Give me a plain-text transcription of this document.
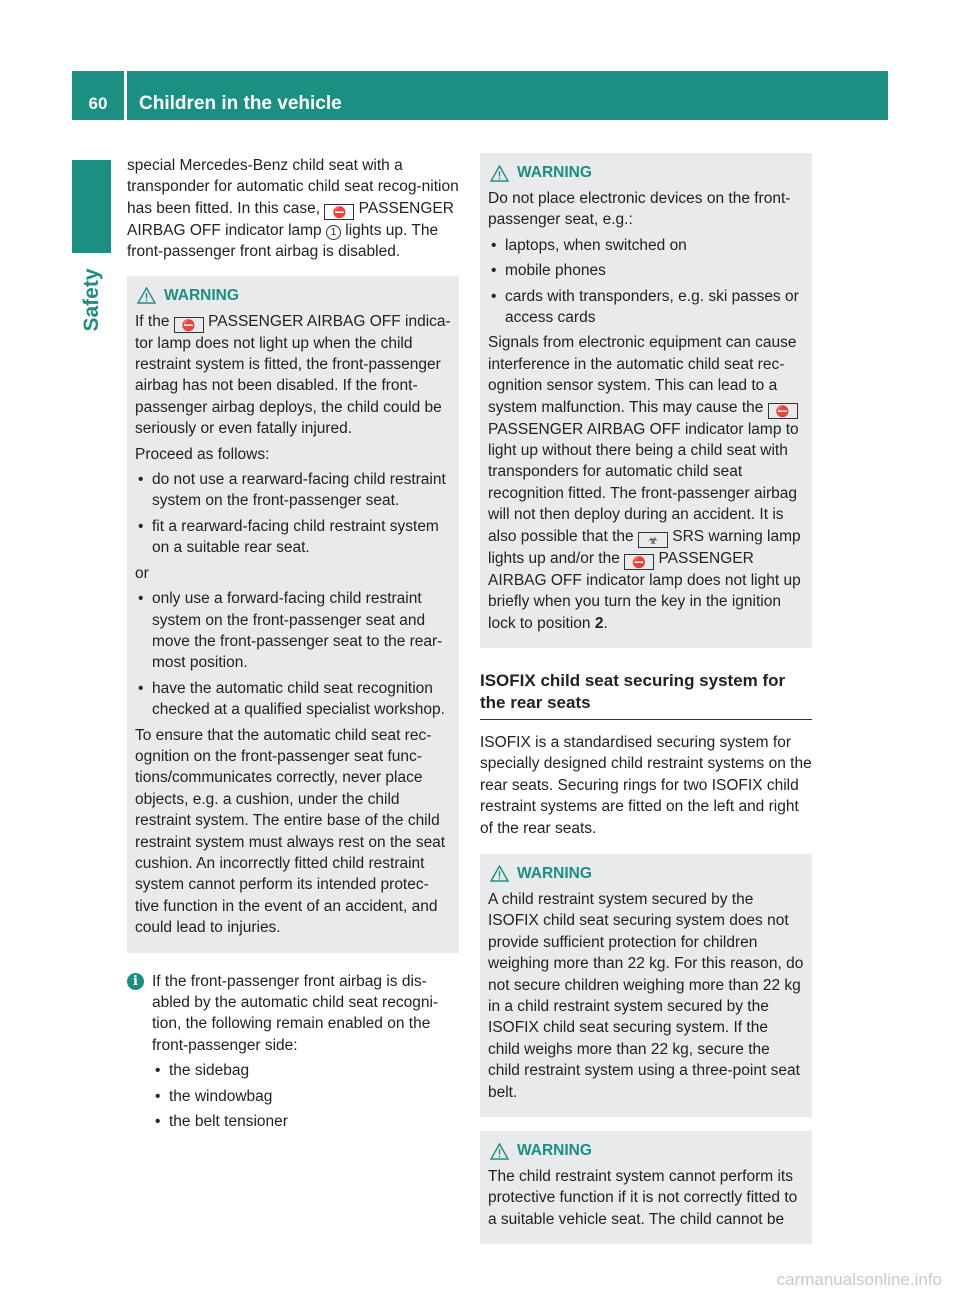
60	Children in the vehicle
Safety

special Mercedes-Benz child seat with a transponder for automatic child seat recog-nition has been fitted. In this case, ⛔ PASSENGER AIRBAG OFF indicator lamp 1 lights up. The front-passenger front airbag is disabled.

WARNING

If the ⛔ PASSENGER AIRBAG OFF indica-tor lamp does not light up when the child restraint system is fitted, the front-passenger airbag has not been disabled. If the front-passenger airbag deploys, the child could be seriously or even fatally injured.

Proceed as follows:

• do not use a rearward-facing child restraint system on the front-passenger seat.
• fit a rearward-facing child restraint system on a suitable rear seat.

or

• only use a forward-facing child restraint system on the front-passenger seat and move the front-passenger seat to the rear-most position.
• have the automatic child seat recognition checked at a qualified specialist workshop.

To ensure that the automatic child seat rec-ognition on the front-passenger seat func-tions/communicates correctly, never place objects, e.g. a cushion, under the child restraint system. The entire base of the child restraint system must always rest on the seat cushion. An incorrectly fitted child restraint system cannot perform its intended protec-tive function in the event of an accident, and could lead to injuries.

i If the front-passenger front airbag is dis-abled by the automatic child seat recogni-tion, the following remain enabled on the front-passenger side:

• the sidebag
• the windowbag
• the belt tensioner
WARNING

Do not place electronic devices on the front-passenger seat, e.g.:

• laptops, when switched on
• mobile phones
• cards with transponders, e.g. ski passes or access cards

Signals from electronic equipment can cause interference in the automatic child seat rec-ognition sensor system. This can lead to a system malfunction. This may cause the ⛔ PASSENGER AIRBAG OFF indicator lamp to light up without there being a child seat with transponders for automatic child seat recognition fitted. The front-passenger airbag will not then deploy during an accident. It is also possible that the ☣ SRS warning lamp lights up and/or the ⛔ PASSENGER AIRBAG OFF indicator lamp does not light up briefly when you turn the key in the ignition lock to position 2.

ISOFIX child seat securing system for the rear seats

ISOFIX is a standardised securing system for specially designed child restraint systems on the rear seats. Securing rings for two ISOFIX child restraint systems are fitted on the left and right of the rear seats.

WARNING

A child restraint system secured by the ISOFIX child seat securing system does not provide sufficient protection for children weighing more than 22 kg. For this reason, do not secure children weighing more than 22 kg in a child restraint system secured by the ISOFIX child seat securing system. If the child weighs more than 22 kg, secure the child restraint system using a three-point seat belt.

WARNING

The child restraint system cannot perform its protective function if it is not correctly fitted to a suitable vehicle seat. The child cannot be

carmanualsonline.info
